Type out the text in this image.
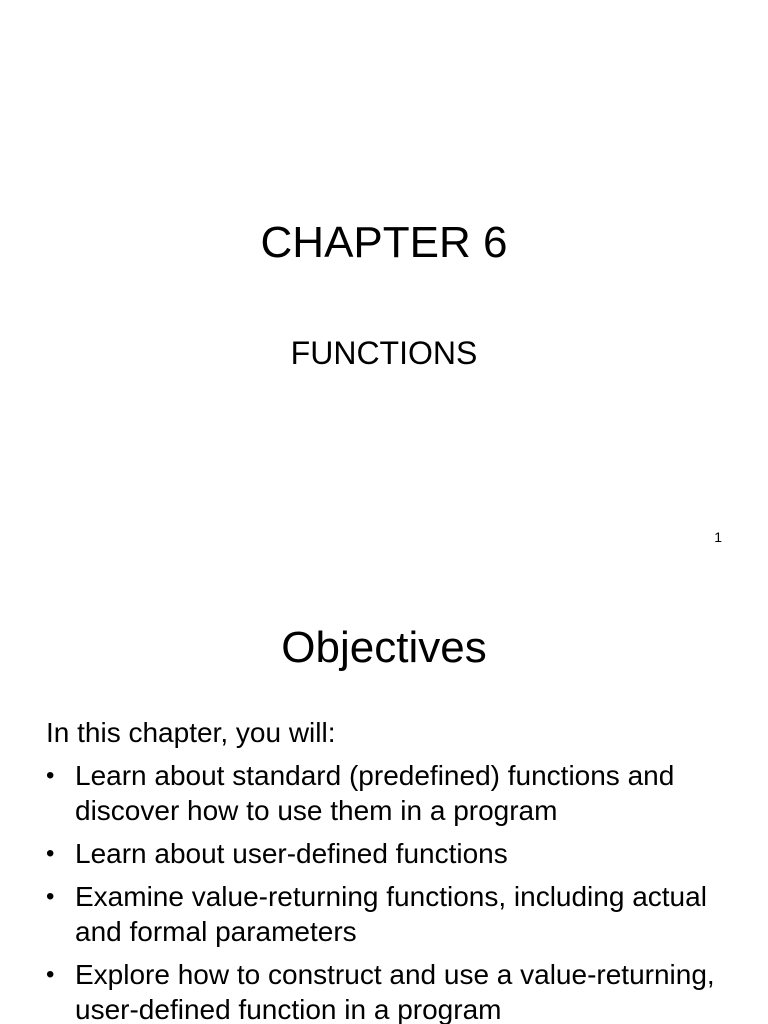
CHAPTER 6
FUNCTIONS
1
Objectives

In this chapter, you will:

• Learn about standard (predefined) functions and discover how to use them in a program
• Learn about user-defined functions
• Examine value-returning functions, including actual and formal parameters
• Explore how to construct and use a value-returning, user-defined function in a program
